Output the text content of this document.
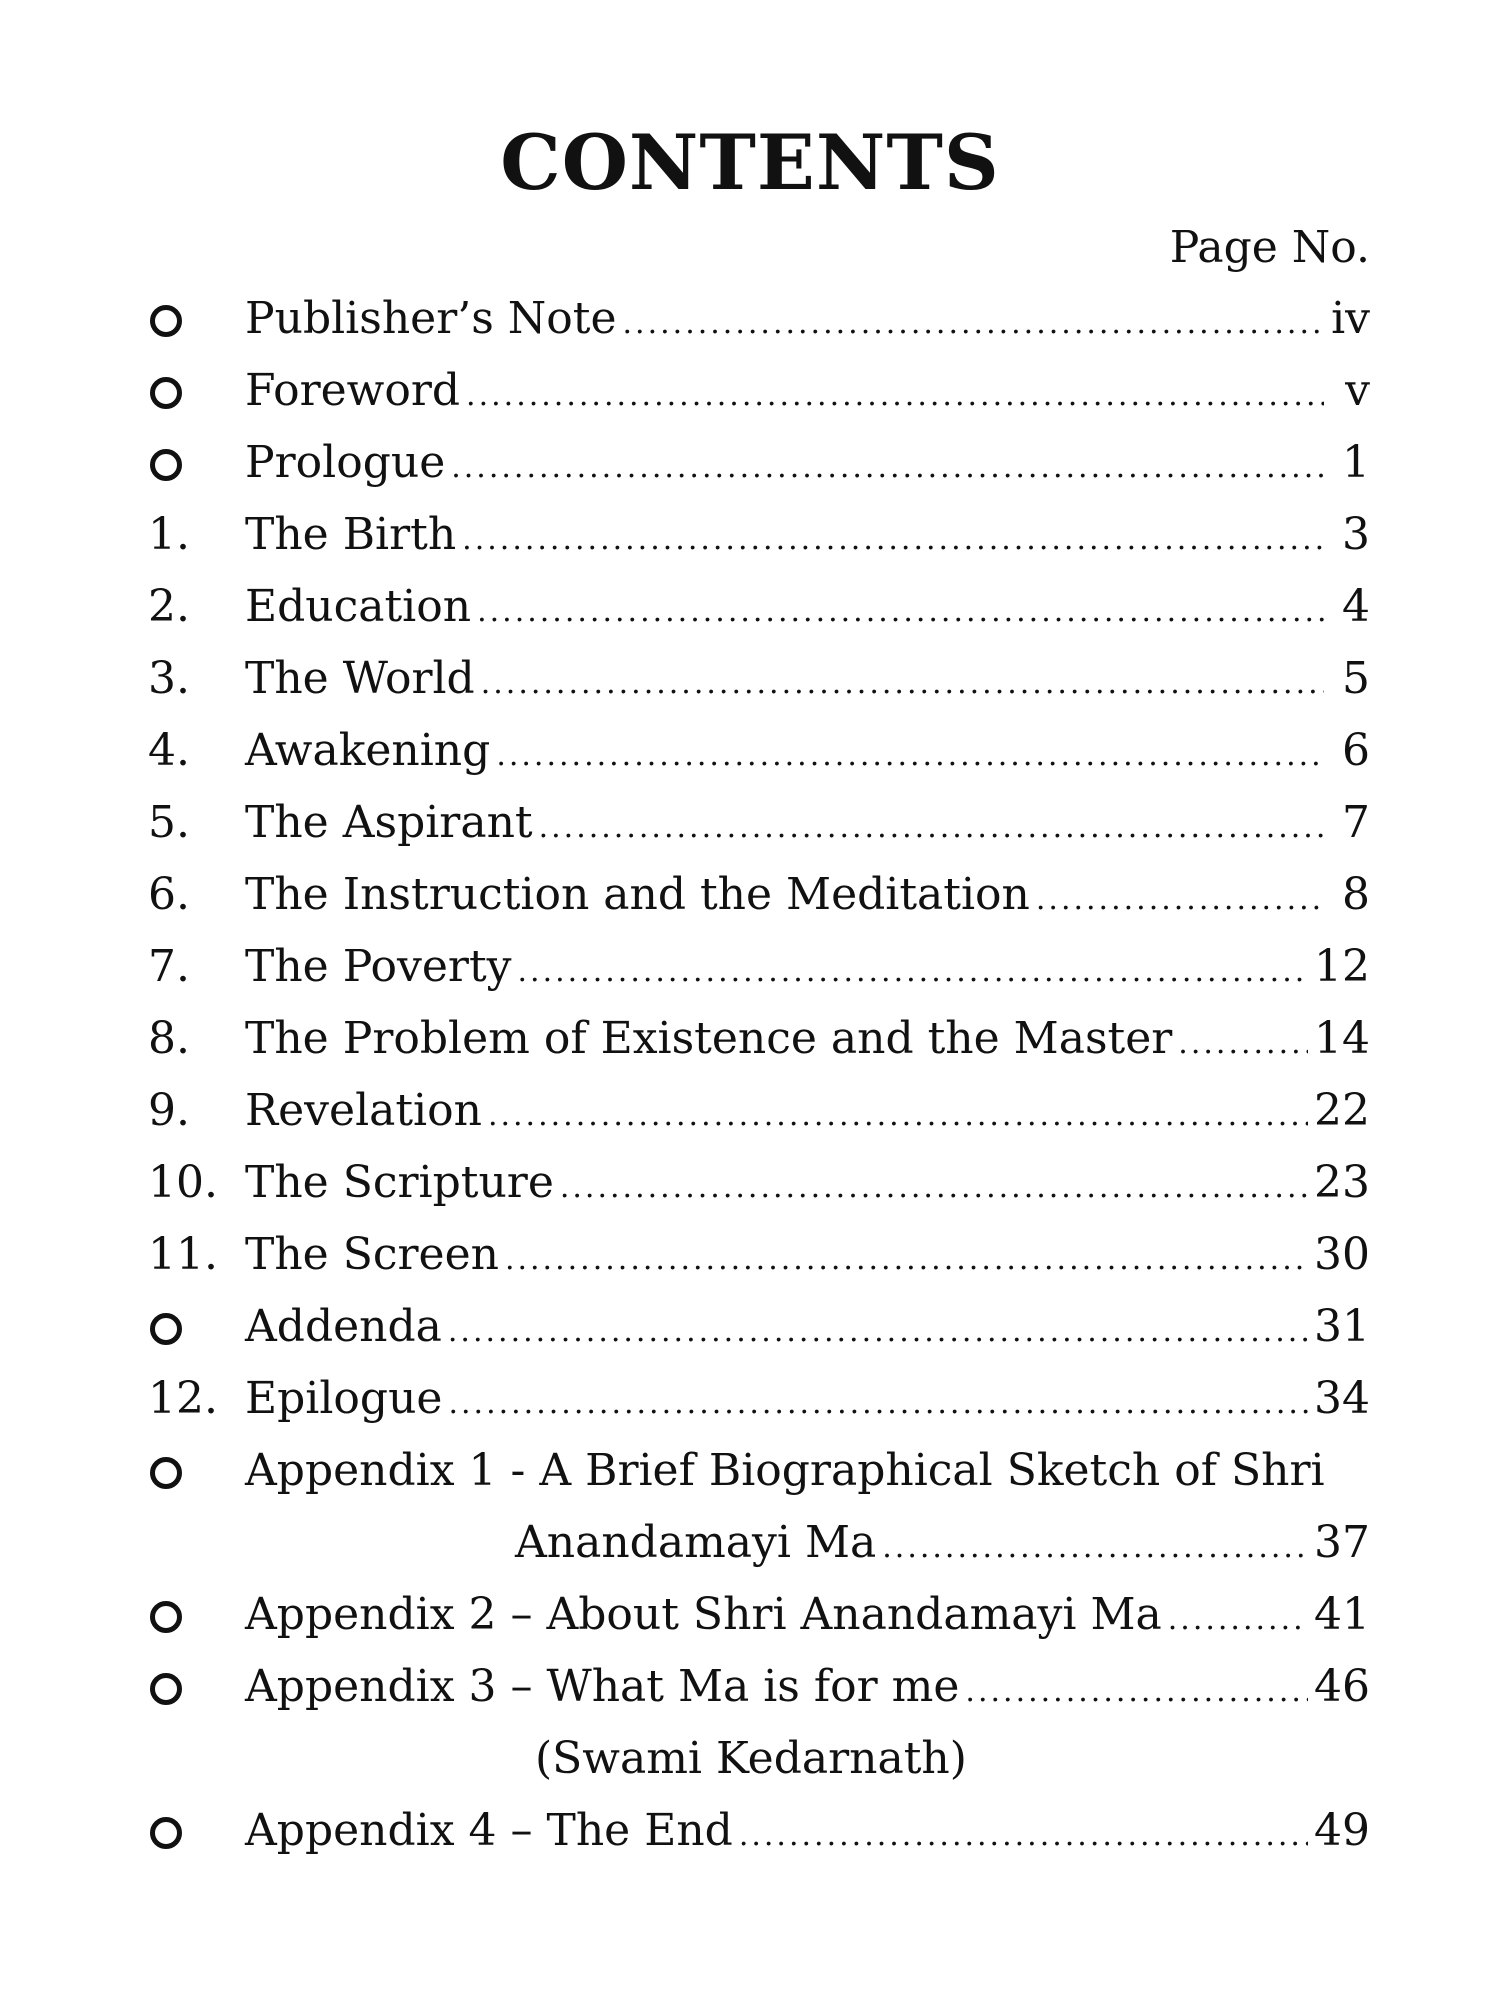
CONTENTS
Page No.
Publisher’s Note .....	iv
Foreword .....	v
Prologue .....	1
1. The Birth .....	3
2. Education .....	4
3. The World .....	5
4. Awakening .....	6
5. The Aspirant .....	7
6. The Instruction and the Meditation .....	8
7. The Poverty .....	12
8. The Problem of Existence and the Master .....	14
9. Revelation .....	22
10. The Scripture .....	23
11. The Screen .....	30
Addenda .....	31
12. Epilogue .....	34
Appendix 1 - A Brief Biographical Sketch of Shri
Anandamayi Ma .....	37
Appendix 2 – About Shri Anandamayi Ma .....	41
Appendix 3 – What Ma is for me .....	46
(Swami Kedarnath)
Appendix 4 – The End .....	49
